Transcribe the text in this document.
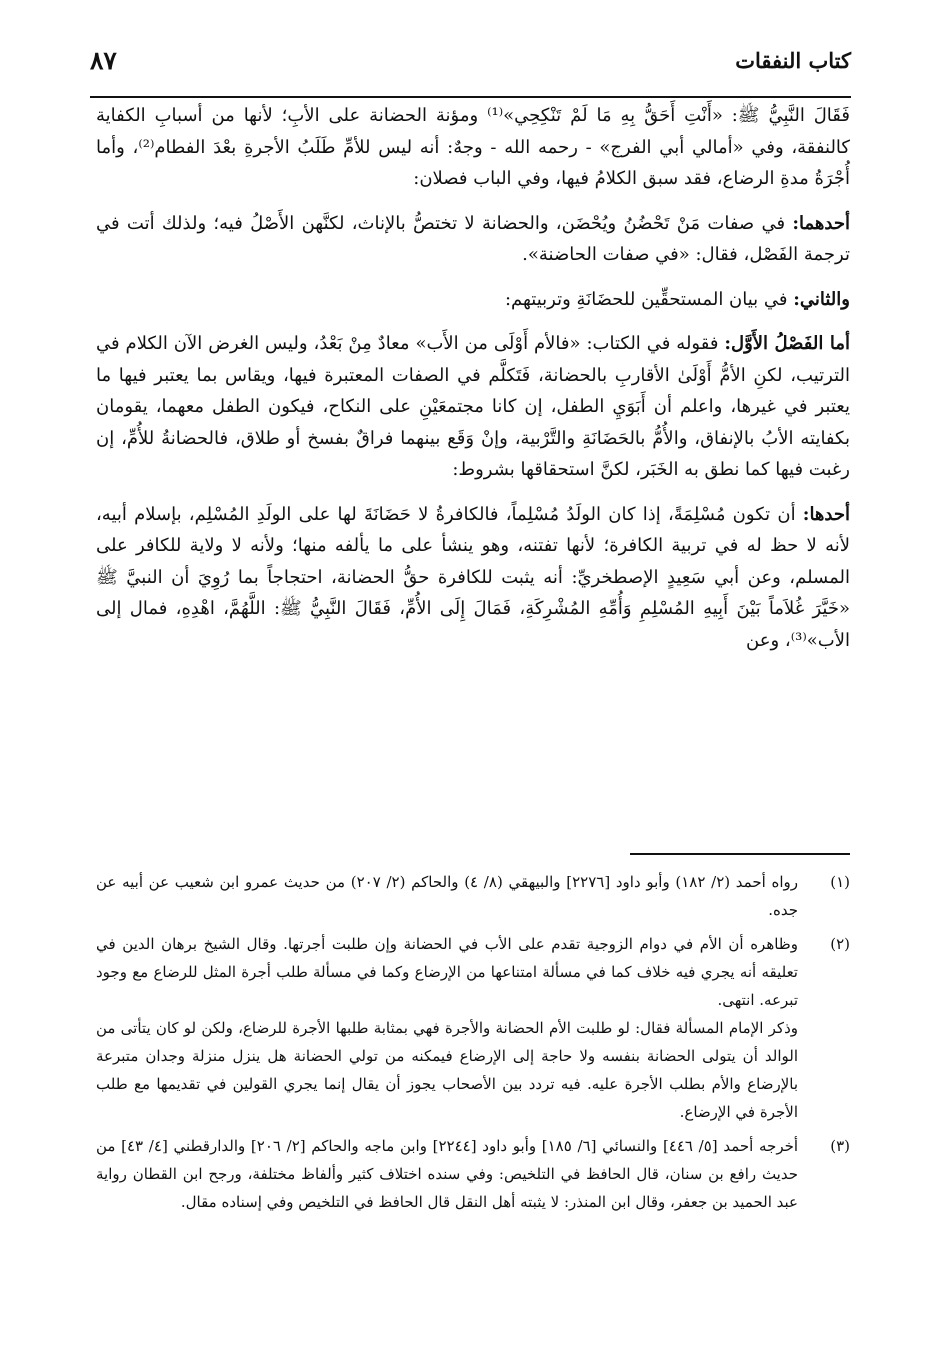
كتاب النفقات
٨٧

فَقَالَ النَّبِيُّ ﷺ: «أَنْتِ أَحَقُّ بِهِ مَا لَمْ تَنْكِحِي»⁽¹⁾ ومؤنة الحضانة على الأبِ؛ لأنها من أسبابِ الكفاية كالنفقة، وفي «أمالي أبي الفرج» - رحمه الله - وجهٌ: أنه ليس للأمِّ طَلَبُ الأجرةِ بعْدَ الفطام⁽²⁾، وأما أُجْرَةُ مدةِ الرضاع، فقد سبق الكلامُ فيها، وفي الباب فصلان:

أحدهما: في صفات مَنْ تَحْضُنُ ويُحْضَن، والحضانة لا تختصُّ بالإناث، لكنَّهن الأَصْلُ فيه؛ ولذلك أتت في ترجمة الفَصْل، فقال: «في صفات الحاضنة».

والثاني: في بيان المستحقِّين للحضَانَةِ وتربيتهم:

أما الفَصْلُ الأَوَّل: فقوله في الكتاب: «فالأم أَوْلَى من الأَب» معادٌ مِنْ بَعْدُ، وليس الغرض الآن الكلام في الترتيب، لكنِ الأمُّ أَوْلَىٰ الأقاربِ بالحضانة، فَتَكلَّم في الصفات المعتبرة فيها، ويقاس بما يعتبر فيها ما يعتبر في غيرها، واعلم أن أَبَوَيِ الطفل، إن كانا مجتمعَيْنِ على النكاح، فيكون الطفل معهما، يقومان بكفايته الأبُ بالإنفاق، والأُمُّ بالحَضَانَةِ والتَّرْبية، وإنْ وَقَع بينهما فراقٌ بفسخ أو طلاق، فالحضانةُ للأُمِّ، إن رغبت فيها كما نطق به الخَبَر، لكنَّ استحقاقها بشروط:

أحدها: أن تكون مُسْلِمَةً، إذا كان الولَدُ مُسْلِماً، فالكافرةُ لا حَضَانَةَ لها على الولَدِ المُسْلِم، بإسلام أبيه، لأنه لا حظ له في تربية الكافرة؛ لأنها تفتنه، وهو ينشأ على ما يألفه منها؛ ولأنه لا ولاية للكافر على المسلم، وعن أبي سَعِيدٍ الإصطخريِّ: أنه يثبت للكافرة حقُّ الحضانة، احتجاجاً بما رُوِيَ أن النبيَّ ﷺ «خَيَّرَ غُلاَماً بَيْنَ أَبِيهِ المُسْلِمِ وَأُمِّهِ المُشْرِكَةِ، فَمَالَ إِلَى الأُمِّ، فَقَالَ النَّبِيُّ ﷺ: اللَّهُمَّ، اهْدِهِ، فمال إلى الأب»⁽³⁾، وعن

(١)

رواه أحمد (٢/ ١٨٢) وأبو داود [٢٢٧٦] والبيهقي (٨/ ٤) والحاكم (٢/ ٢٠٧) من حديث عمرو ابن شعيب عن أبيه عن جده.

(٢)

وظاهره أن الأم في دوام الزوجية تقدم على الأب في الحضانة وإن طلبت أجرتها. وقال الشيخ برهان الدين في تعليقه أنه يجري فيه خلاف كما في مسألة امتناعها من الإرضاع وكما في مسألة طلب أجرة المثل للرضاع مع وجود تبرعه. انتهى.

وذكر الإمام المسألة فقال: لو طلبت الأم الحضانة والأجرة فهي بمثابة طلبها الأجرة للرضاع، ولكن لو كان يتأتى من الوالد أن يتولى الحضانة بنفسه ولا حاجة إلى الإرضاع فيمكنه من تولي الحضانة هل ينزل منزلة وجدان متبرعة بالإرضاع والأم بطلب الأجرة عليه. فيه تردد بين الأصحاب يجوز أن يقال إنما يجري القولين في تقديمها مع طلب الأجرة في الإرضاع.

(٣)

أخرجه أحمد [٥/ ٤٤٦] والنسائي [٦/ ١٨٥] وأبو داود [٢٢٤٤] وابن ماجه والحاكم [٢/ ٢٠٦] والدارقطني [٤/ ٤٣] من حديث رافع بن سنان، قال الحافظ في التلخيص: وفي سنده اختلاف كثير وألفاظ مختلفة، ورجح ابن القطان رواية عبد الحميد بن جعفر، وقال ابن المنذر: لا يثبته أهل النقل قال الحافظ في التلخيص وفي إسناده مقال.
